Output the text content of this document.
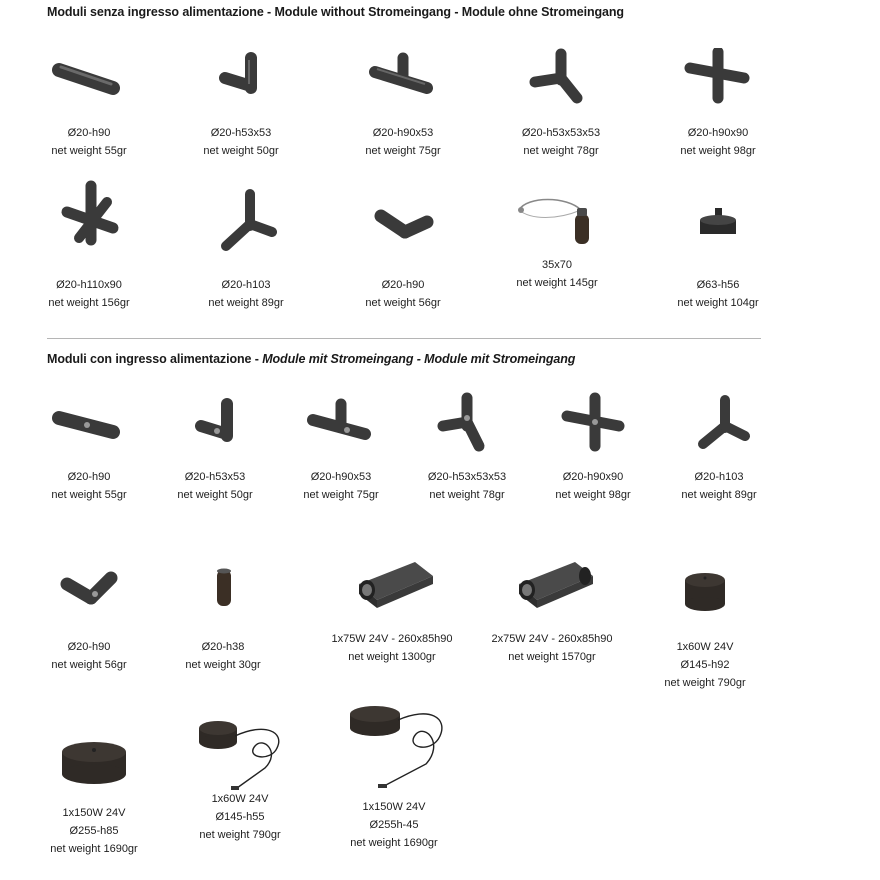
Moduli senza ingresso alimentazione - Module without Stromeingang - Module ohne Stromeingang
Ø20-h90
net weight 55gr
Ø20-h53x53
net weight 50gr
Ø20-h90x53
net weight 75gr
Ø20-h53x53x53
net weight 78gr
Ø20-h90x90
net weight 98gr
Ø20-h110x90
net weight 156gr
Ø20-h103
net weight 89gr
Ø20-h90
net weight 56gr
35x70
net weight 145gr	Ø63-h56
net weight 104gr
Moduli con ingresso alimentazione - Module mit Stromeingang - Module mit Stromeingang
Ø20-h90
net weight 55gr
Ø20-h53x53
net weight 50gr
Ø20-h90x53
net weight 75gr
Ø20-h53x53x53
net weight 78gr
Ø20-h90x90
net weight 98gr
Ø20-h103
net weight 89gr
Ø20-h90
net weight 56gr
Ø20-h38
net weight 30gr
1x75W 24V - 260x85h90
net weight 1300gr
2x75W 24V - 260x85h90
net weight 1570gr
1x60W 24V
Ø145-h92
net weight 790gr
1x150W 24V
Ø255-h85
net weight 1690gr
1x60W 24V
Ø145-h55
net weight 790gr
1x150W 24V
Ø255h-45
net weight 1690gr
